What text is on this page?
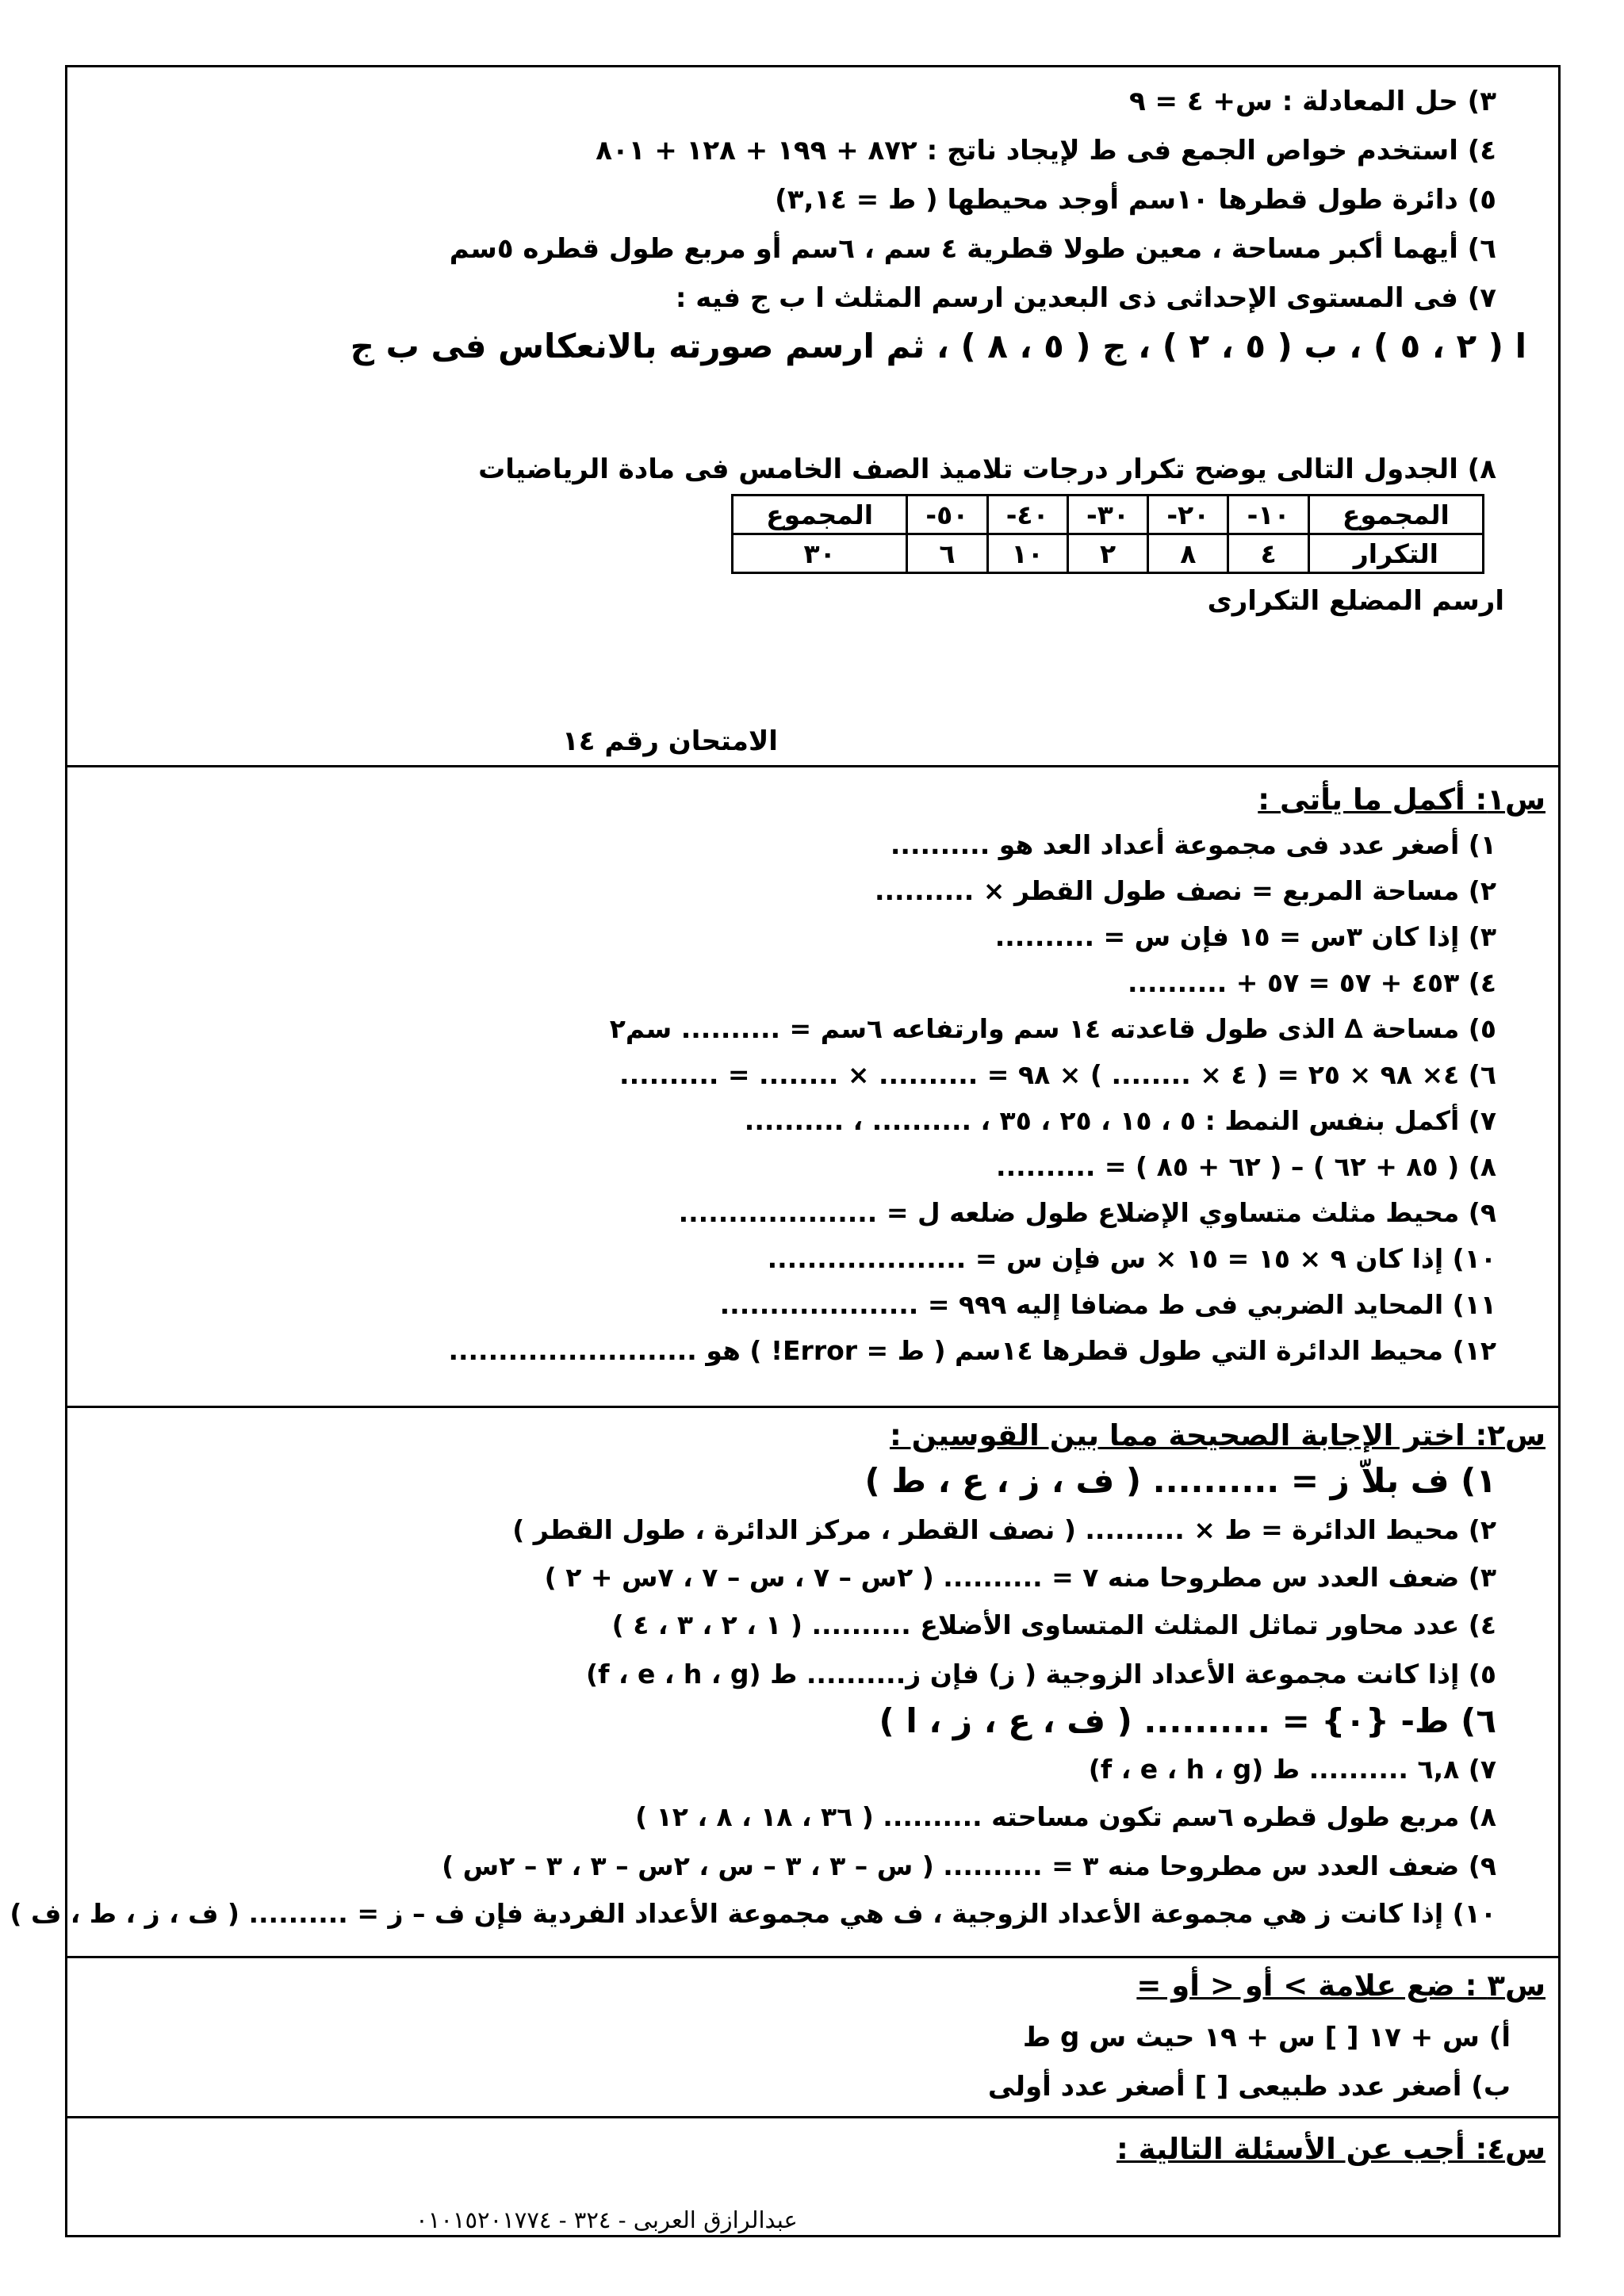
٣) حل المعادلة : س+ ٤ = ٩
٤) استخدم خواص الجمع فى ط لإيجاد ناتج : ٨٧٢ + ١٩٩ + ١٢٨ + ٨٠١
٥) دائرة طول قطرها ١٠سم أوجد محيطها ( ط = ٣,١٤)
٦) أيهما أكبر مساحة ، معين طولا قطرية ٤ سم ، ٦سم أو مربع طول قطره ٥سم
٧) فى المستوى الإحداثى ذى البعدين ارسم المثلث ا ب ج فيه :
ا ( ٢ ، ٥ ) ، ب ( ٥ ، ٢ ) ، ج ( ٥ ، ٨ ) ، ثم ارسم صورته بالانعكاس فى ب ج
٨) الجدول التالى يوضح تكرار درجات تلاميذ الصف الخامس فى مادة الرياضيات
المجموع	١٠-	٢٠-	٣٠-	٤٠-	٥٠-	المجموع
التكرار	٤	٨	٢	١٠	٦	٣٠
ارسم المضلع التكرارى
الامتحان رقم ١٤
س١: أكمل ما يأتى :
١) أصغر عدد فى مجموعة أعداد العد هو ..........
٢) مساحة المربع = نصف طول القطر × ..........
٣) إذا كان ٣س = ١٥ فإن س = ..........
٤) ٤٥٣ + ٥٧ = ٥٧ + ..........
٥) مساحة ∆ الذى طول قاعدته ١٤ سم وارتفاعه ٦سم = .......... سم٢
٦) ٤× ٩٨ × ٢٥ = ( ٤ × ........ ) × ٩٨ = .......... × ........ = ..........
٧) أكمل بنفس النمط : ٥ ، ١٥ ، ٢٥ ، ٣٥ ، .......... ، ..........
٨) ( ٨٥ + ٦٢ ) – ( ٦٢ + ٨٥ ) = ..........
٩) محيط مثلث متساوي الإضلاع طول ضلعه ل = ....................
١٠) إذا كان ٩ × ١٥ = ١٥ × س فإن س = ....................
١١) المحايد الضربي فى ط مضافا إليه ٩٩٩ = ....................
١٢) محيط الدائرة التي طول قطرها ١٤سم ( ط = Error! ) هو .........................
س٢: اختر الإجابة الصحيحة مما بين القوسين :
١) ف بلاّ ز = .......... ( ف ، ز ، ع ، ط )
٢) محيط الدائرة = ط × .......... ( نصف القطر ، مركز الدائرة ، طول القطر )
٣) ضعف العدد س مطروحا منه ٧ = .......... ( ٢س – ٧ ، س – ٧ ، ٧س + ٢ )
٤) عدد محاور تماثل المثلث المتساوى الأضلاع .......... ( ١ ، ٢ ، ٣ ، ٤ )
٥) إذا كانت مجموعة الأعداد الزوجية ( ز) فإن ز.......... ط (f ، e ، h ، g)
٦) ط- {٠} = .......... ( ف ، ع ، ز ، ا )
٧) ٦,٨ .......... ط (f ، e ، h ، g)
٨) مربع طول قطره ٦سم تكون مساحته .......... ( ٣٦ ، ١٨ ، ٨ ، ١٢ )
٩) ضعف العدد س مطروحا منه ٣ = .......... ( س – ٣ ، ٣ – س ، ٢س – ٣ ، ٣ – ٢س )
١٠) إذا كانت ز هي مجموعة الأعداد الزوجية ، ف هي مجموعة الأعداد الفردية فإن ف – ز = .......... ( ف ، ز ، ط ، ف )
س٣ : ضع علامة > أو < أو =
أ) س + ١٧ [ ] س + ١٩ حيث س g ط
ب) أصغر عدد طبيعى [ ] أصغر عدد أولى
س٤: أجب عن الأسئلة التالية :
عبدالرازق العربى - ٣٢٤ - ٠١٠١٥٢٠١٧٧٤
